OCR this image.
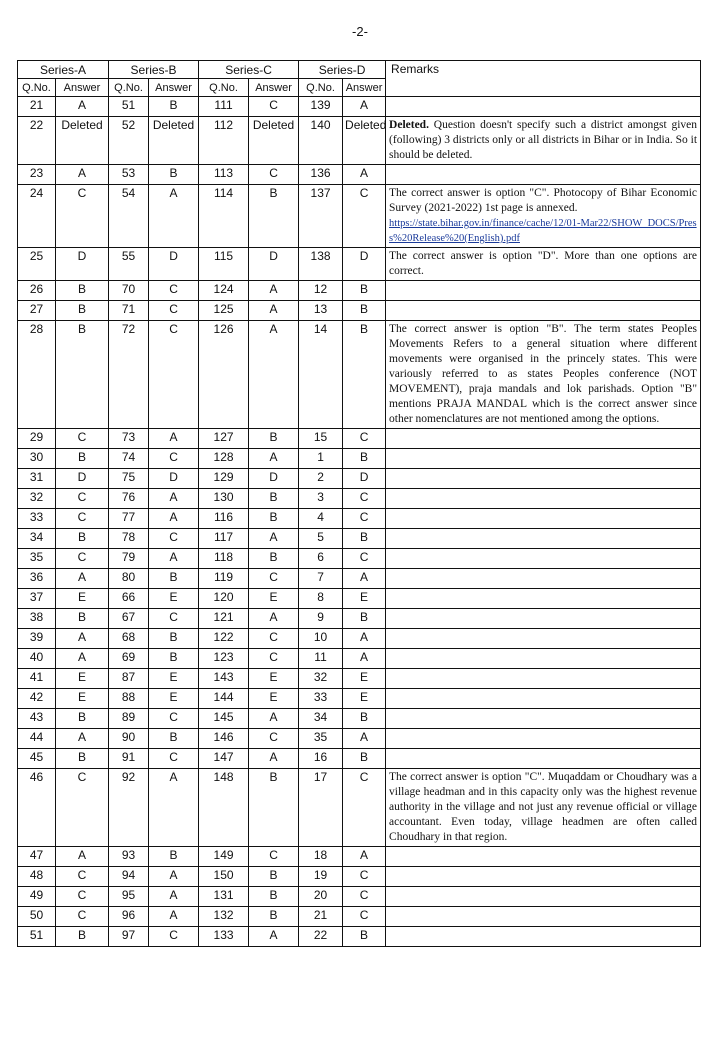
-2-
Series-A		Series-B		Series-C		Series-D		Remarks
Q.No.	Answer	Q.No.	Answer	Q.No.	Answer	Q.No.	Answer	
21	A	51	B	111	C	139	A	
22	Deleted	52	Deleted	112	Deleted	140	Deleted	Deleted. Question doesn't specify such a district amongst given (following) 3 districts only or all districts in Bihar or in India. So it should be deleted.
23	A	53	B	113	C	136	A	
24	C	54	A	114	B	137	C	The correct answer is option "C". Photocopy of Bihar Economic Survey (2021-2022) 1st page is annexed.
https://state.bihar.gov.in/finance/cache/12/01-Mar22/SHOW_DOCS/Press%20Release%20(English).pdf

25	D	55	D	115	D	138	D	The correct answer is option "D". More than one options are correct.
26	B	70	C	124	A	12	B	
27	B	71	C	125	A	13	B	
28	B	72	C	126	A	14	B	The correct answer is option "B". The term states Peoples Movements Refers to a general situation where different movements were organised in the princely states. This were variously referred to as states Peoples conference (NOT MOVEMENT), praja mandals and lok parishads. Option "B" mentions PRAJA MANDAL which is the correct answer since other nomenclatures are not mentioned among the options.
29	C	73	A	127	B	15	C	
30	B	74	C	128	A	1	B	
31	D	75	D	129	D	2	D	
32	C	76	A	130	B	3	C	
33	C	77	A	116	B	4	C	
34	B	78	C	117	A	5	B	
35	C	79	A	118	B	6	C	
36	A	80	B	119	C	7	A	
37	E	66	E	120	E	8	E	
38	B	67	C	121	A	9	B	
39	A	68	B	122	C	10	A	
40	A	69	B	123	C	11	A	
41	E	87	E	143	E	32	E	
42	E	88	E	144	E	33	E	
43	B	89	C	145	A	34	B	
44	A	90	B	146	C	35	A	
45	B	91	C	147	A	16	B	
46	C	92	A	148	B	17	C	The correct answer is option "C". Muqaddam or Choudhary was a village headman and in this capacity only was the highest revenue authority in the village and not just any revenue official or village accountant. Even today, village headmen are often called Choudhary in that region.
47	A	93	B	149	C	18	A	
48	C	94	A	150	B	19	C	
49	C	95	A	131	B	20	C	
50	C	96	A	132	B	21	C	
51	B	97	C	133	A	22	B	
